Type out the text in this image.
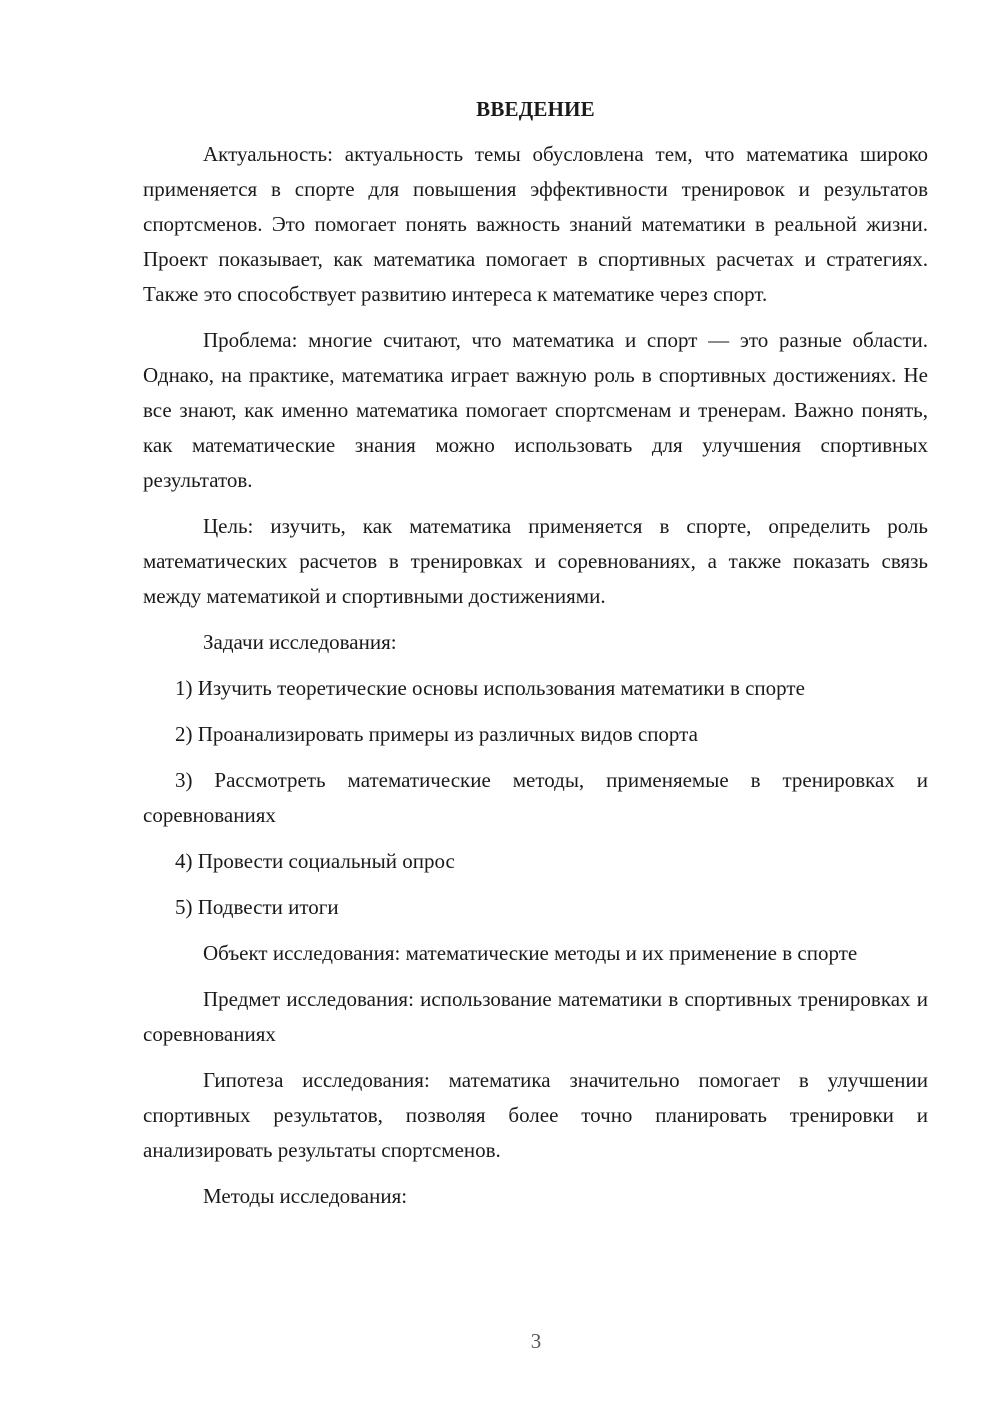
ВВЕДЕНИЕ

Актуальность: актуальность темы обусловлена тем, что математика широко применяется в спорте для повышения эффективности тренировок и результатов спортсменов. Это помогает понять важность знаний математики в реальной жизни. Проект показывает, как математика помогает в спортивных расчетах и стратегиях. Также это способствует развитию интереса к математике через спорт.

Проблема: многие считают, что математика и спорт — это разные области. Однако, на практике, математика играет важную роль в спортивных достижениях. Не все знают, как именно математика помогает спортсменам и тренерам. Важно понять, как математические знания можно использовать для улучшения спортивных результатов.

Цель: изучить, как математика применяется в спорте, определить роль математических расчетов в тренировках и соревнованиях, а также показать связь между математикой и спортивными достижениями.

Задачи исследования:

1) Изучить теоретические основы использования математики в спорте

2) Проанализировать примеры из различных видов спорта

3) Рассмотреть математические методы, применяемые в тренировках и соревнованиях

4) Провести социальный опрос

5) Подвести итоги

Объект исследования: математические методы и их применение в спорте

Предмет исследования: использование математики в спортивных тренировках и соревнованиях

Гипотеза исследования: математика значительно помогает в улучшении спортивных результатов, позволяя более точно планировать тренировки и анализировать результаты спортсменов.

Методы исследования:

3
